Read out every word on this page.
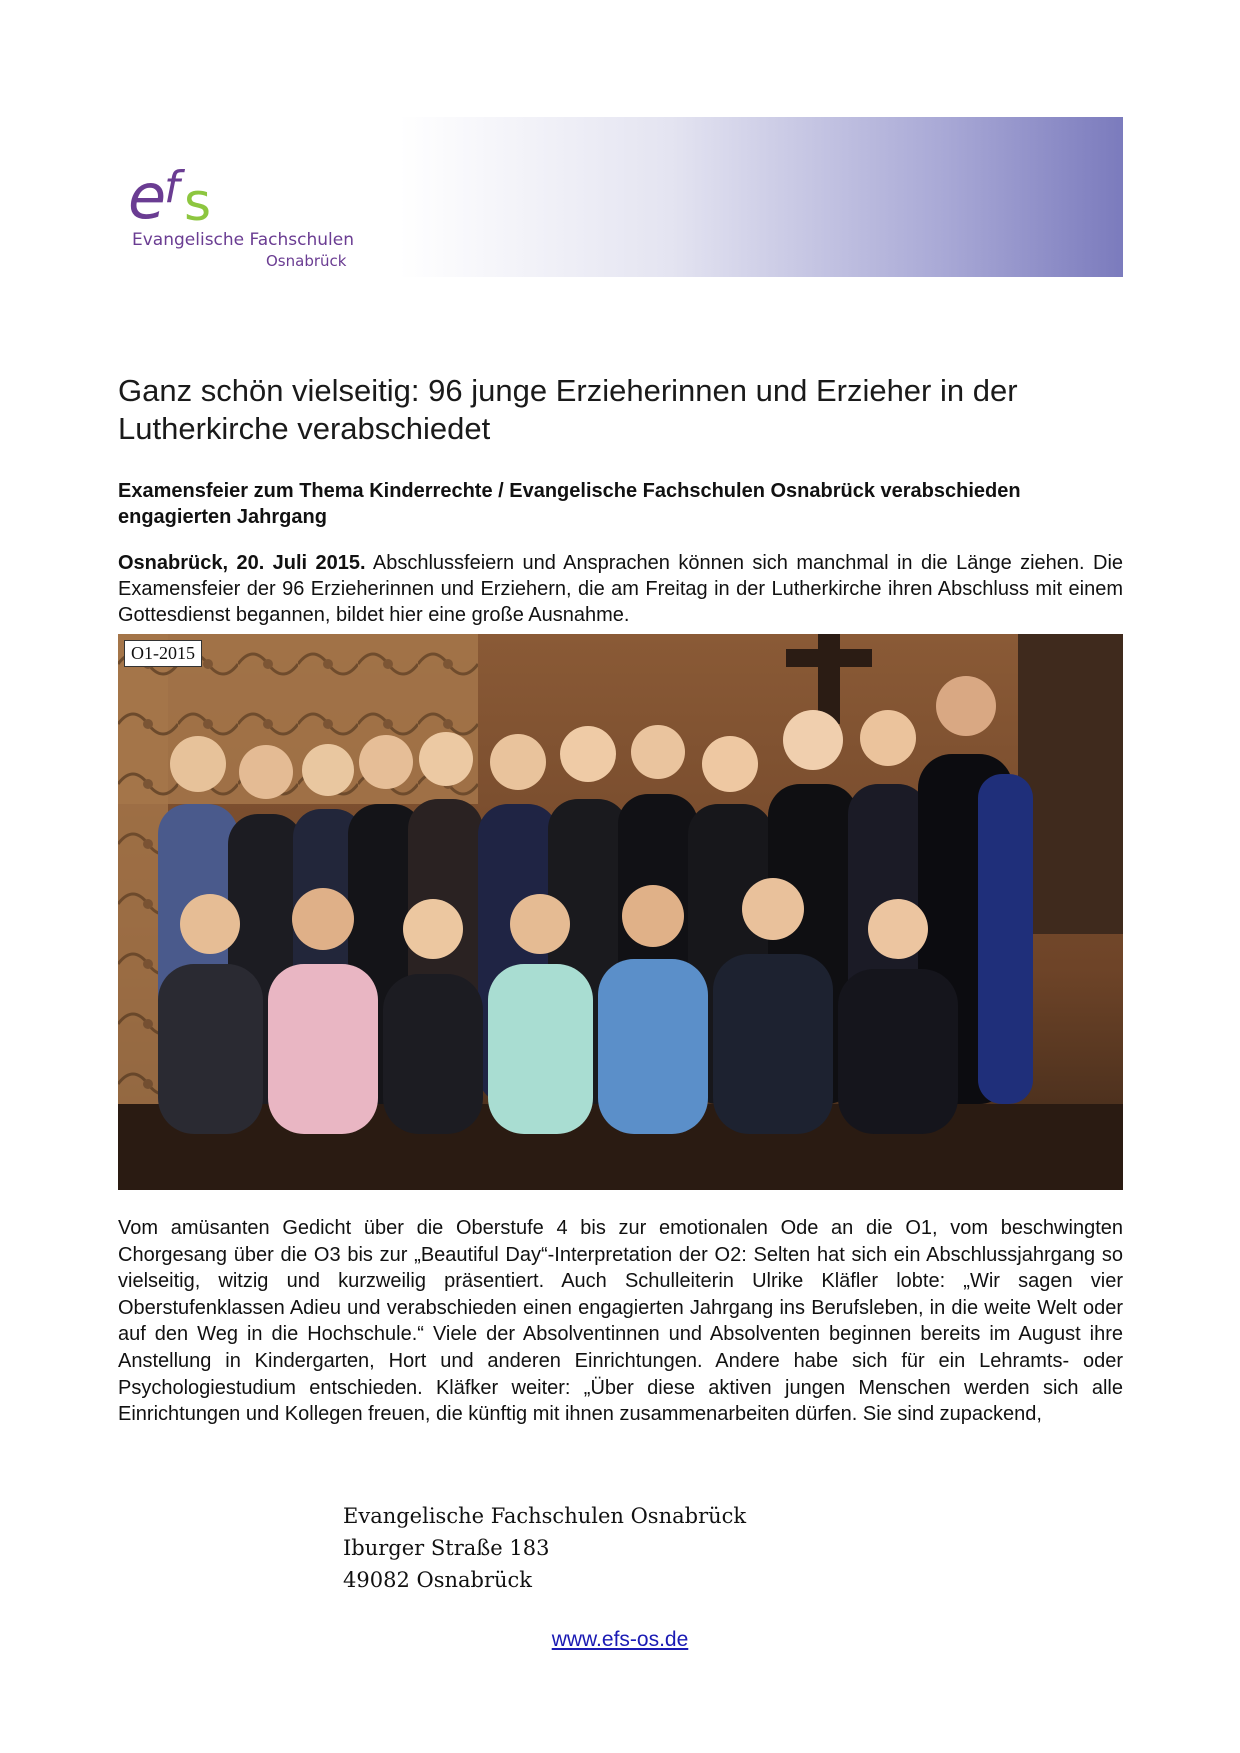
e
f s
Evangelische Fachschulen
Osnabrück
Ganz schön vielseitig: 96 junge Erzieherinnen und Erzieher in der Lutherkirche verabschiedet
Examensfeier zum Thema Kinderrechte / Evangelische Fachschulen Osnabrück verabschieden engagierten Jahrgang

Osnabrück, 20. Juli 2015. Abschlussfeiern und Ansprachen können sich manchmal in die Länge ziehen. Die Examensfeier der 96 Erzieherinnen und Erziehern, die am Freitag in der Lutherkirche ihren Abschluss mit einem Gottesdienst begannen, bildet hier eine große Ausnahme.

O1-2015

Vom amüsanten Gedicht über die Oberstufe 4 bis zur emotionalen Ode an die O1, vom beschwingten Chorgesang über die O3 bis zur „Beautiful Day“-Interpretation der O2: Selten hat sich ein Abschlussjahrgang so vielseitig, witzig und kurzweilig präsentiert. Auch Schulleiterin Ulrike Kläfler lobte: „Wir sagen vier Oberstufenklassen Adieu und verabschieden einen engagierten Jahrgang ins Berufsleben, in die weite Welt oder auf den Weg in die Hochschule.“ Viele der Absolventinnen und Absolventen beginnen bereits im August ihre Anstellung in Kindergarten, Hort und anderen Einrichtungen. Andere habe sich für ein Lehramts- oder Psychologiestudium entschieden. Kläfker weiter: „Über diese aktiven jungen Menschen werden sich alle Einrichtungen und Kollegen freuen, die künftig mit ihnen zusammenarbeiten dürfen. Sie sind zupackend,

Evangelische Fachschulen Osnabrück
Iburger Straße 183
49082 Osnabrück
www.efs-os.de
